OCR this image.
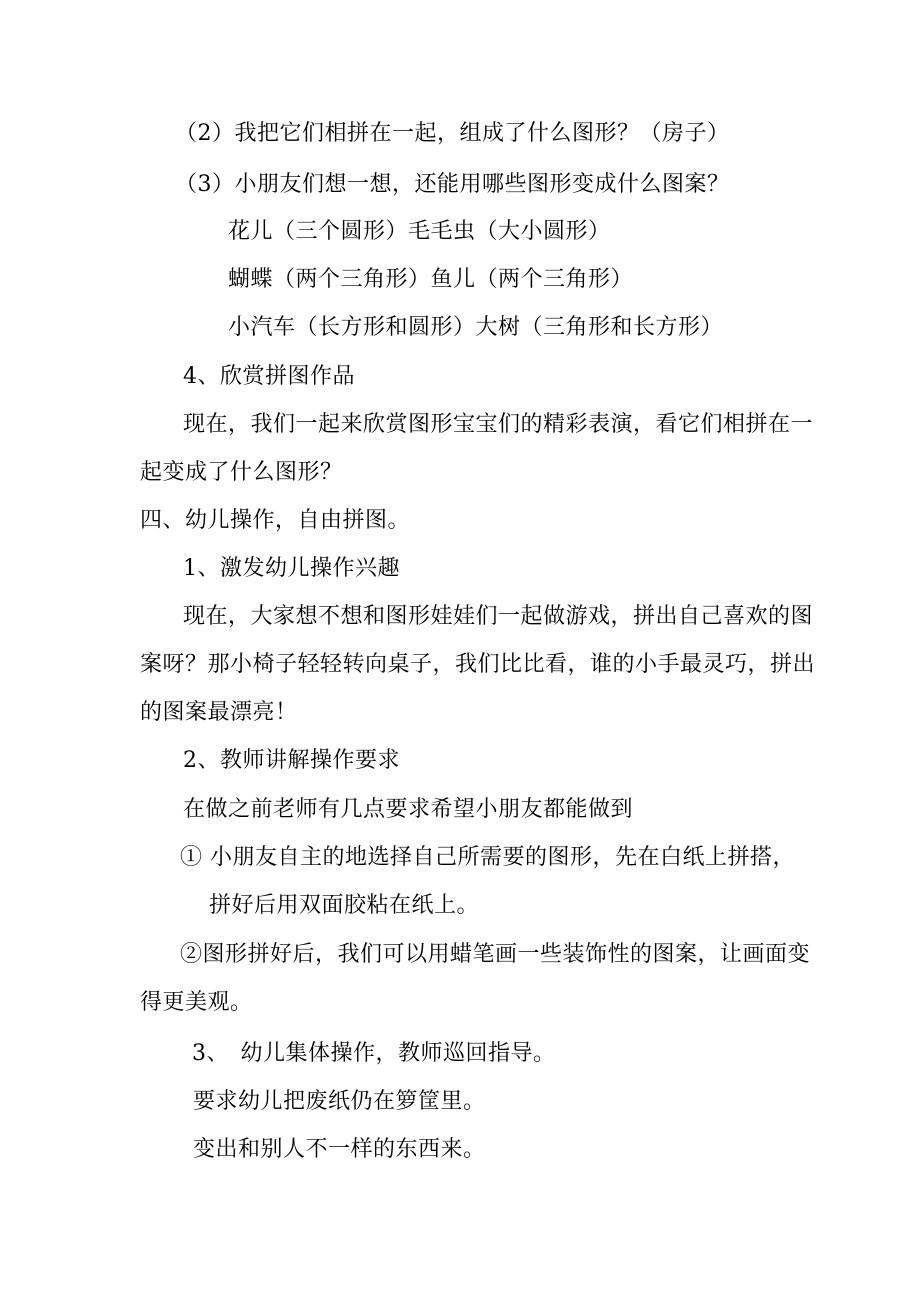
（2）我把它们相拼在一起，组成了什么图形？（房子）
（3）小朋友们想一想，还能用哪些图形变成什么图案？
花儿（三个圆形）毛毛虫（大小圆形）
蝴蝶（两个三角形）鱼儿（两个三角形）
小汽车（长方形和圆形）大树（三角形和长方形）
4、欣赏拼图作品
现在，我们一起来欣赏图形宝宝们的精彩表演，看它们相拼在一
起变成了什么图形？
四、幼儿操作，自由拼图。
1、激发幼儿操作兴趣
现在，大家想不想和图形娃娃们一起做游戏，拼出自己喜欢的图
案呀？那小椅子轻轻转向桌子，我们比比看，谁的小手最灵巧，拼出
的图案最漂亮！
2、教师讲解操作要求
在做之前老师有几点要求希望小朋友都能做到
① 小朋友自主的地选择自己所需要的图形，先在白纸上拼搭，
拼好后用双面胶粘在纸上。
②图形拼好后，我们可以用蜡笔画一些装饰性的图案，让画面变
得更美观。
3、　幼儿集体操作，教师巡回指导。
要求幼儿把废纸仍在箩筐里。
变出和别人不一样的东西来。
